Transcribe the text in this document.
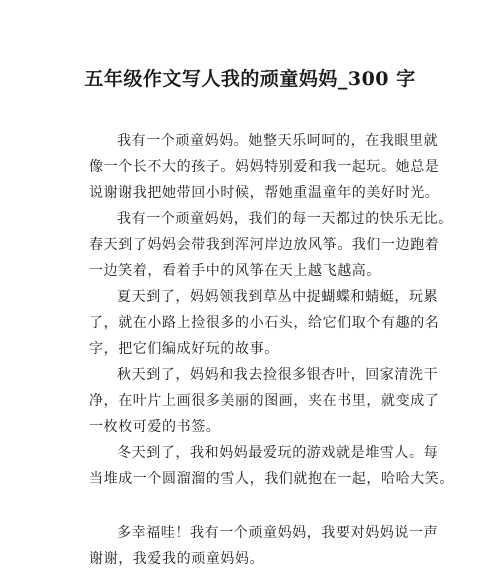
五年级作文写人我的顽童妈妈_300 字

我有一个顽童妈妈。她整天乐呵呵的，在我眼里就
像一个长不大的孩子。妈妈特别爱和我一起玩。她总是
说谢谢我把她带回小时候，帮她重温童年的美好时光。

我有一个顽童妈妈，我们的每一天都过的快乐无比。
春天到了妈妈会带我到浑河岸边放风筝。我们一边跑着
一边笑着，看着手中的风筝在天上越飞越高。

夏天到了，妈妈领我到草丛中捉蝴蝶和蜻蜓，玩累
了，就在小路上捡很多的小石头，给它们取个有趣的名
字，把它们编成好玩的故事。

秋天到了，妈妈和我去捡很多银杏叶，回家清洗干
净，在叶片上画很多美丽的图画，夹在书里，就变成了
一枚枚可爱的书签。

冬天到了，我和妈妈最爱玩的游戏就是堆雪人。每
当堆成一个圆溜溜的雪人，我们就抱在一起，哈哈大笑。

多幸福哇！我有一个顽童妈妈，我要对妈妈说一声
谢谢，我爱我的顽童妈妈。
